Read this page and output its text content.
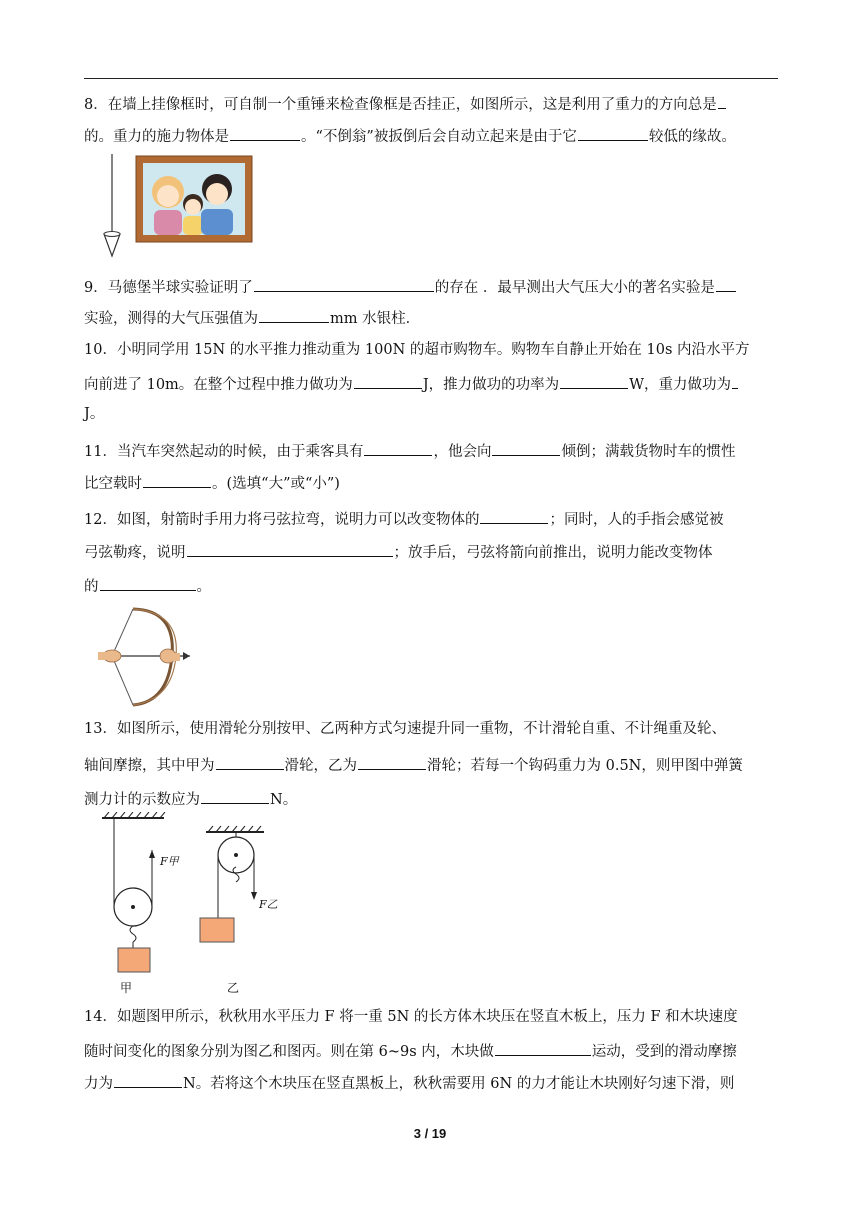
8．在墙上挂像框时，可自制一个重锤来检查像框是否挂正，如图所示，这是利用了重力的方向总是
的。重力的施力物体是	。“不倒翁”被扳倒后会自动立起来是由于它	较低的缘故。
9．马德堡半球实验证明了	的存在 ．最早测出大气压大小的著名实验是
实验，测得的大气压强值为	mm 水银柱．
10．小明同学用 15N 的水平推力推动重为 100N 的超市购物车。购物车自静止开始在 10s 内沿水平方
向前进了 10m。在整个过程中推力做功为	J，推力做功的功率为	W，重力做功为
J。
11．当汽车突然起动的时候，由于乘客具有	，他会向	倾倒；满载货物时车的惯性
比空载时	。(选填“大”或“小”)
12．如图，射箭时手用力将弓弦拉弯，说明力可以改变物体的	；同时，人的手指会感觉被
弓弦勒疼，说明	；放手后，弓弦将箭向前推出，说明力能改变物体
的	。
13．如图所示，使用滑轮分别按甲、乙两种方式匀速提升同一重物，不计滑轮自重、不计绳重及轮、
轴间摩擦，其中甲为	滑轮，乙为	滑轮；若每一个钩码重力为 0.5N，则甲图中弹簧
测力计的示数应为	N。
F甲
F乙
甲	乙
14．如题图甲所示，秋秋用水平压力 F 将一重 5N 的长方体木块压在竖直木板上，压力 F 和木块速度
随时间变化的图象分别为图乙和图丙。则在第 6~9s 内，木块做	运动，受到的滑动摩擦
力为	N。若将这个木块压在竖直黑板上，秋秋需要用 6N 的力才能让木块刚好匀速下滑，则
3 / 19
